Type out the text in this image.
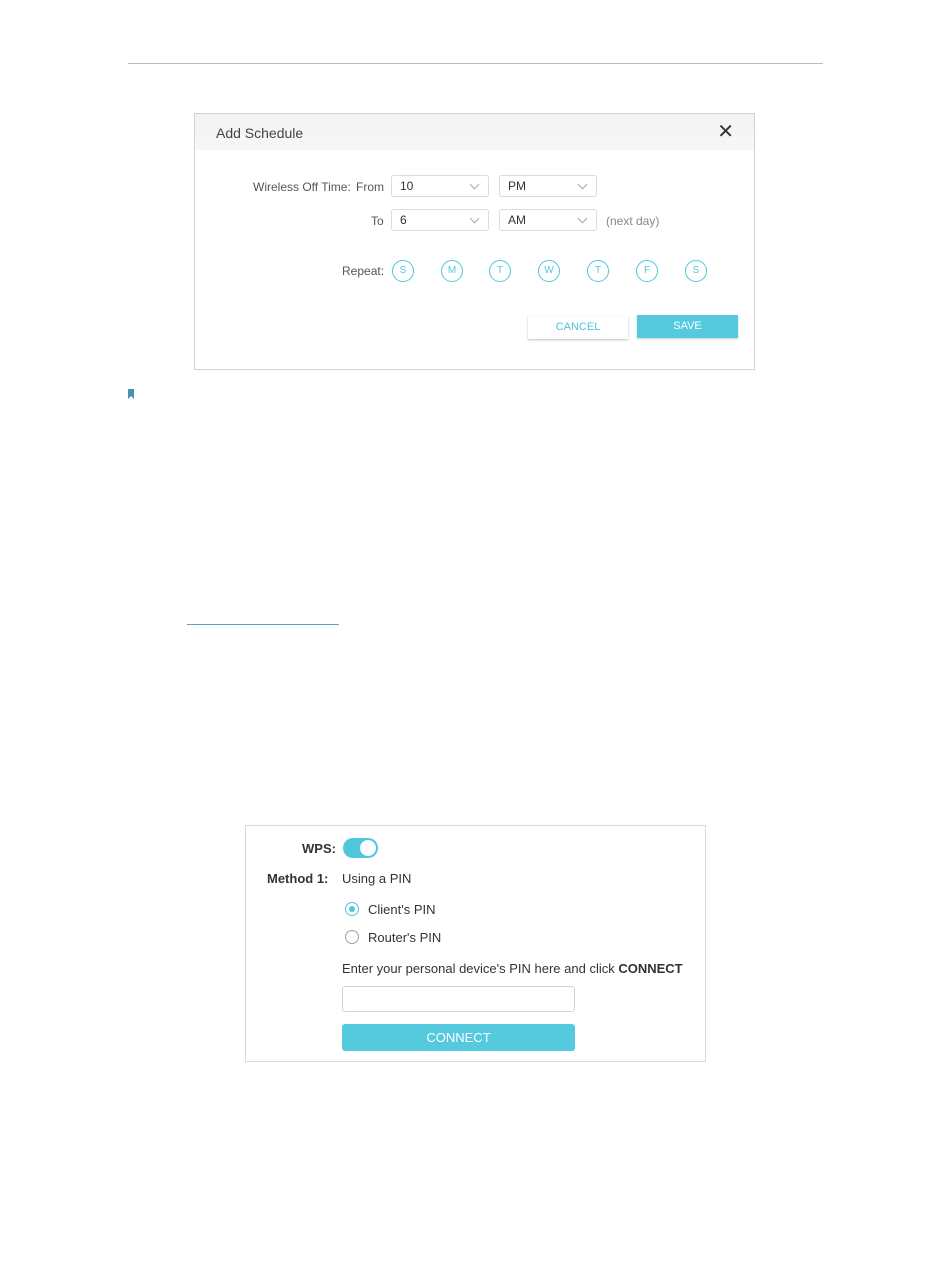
Add Schedule	✕
Wireless Off Time: From	10	PM
To	6	AM	(next day)
Repeat:	S	M	T	W	T	F	S
CANCEL	SAVE
WPS:
Method 1: Using a PIN
Client's PIN
Router's PIN
Enter your personal device's PIN here and click CONNECT
CONNECT
